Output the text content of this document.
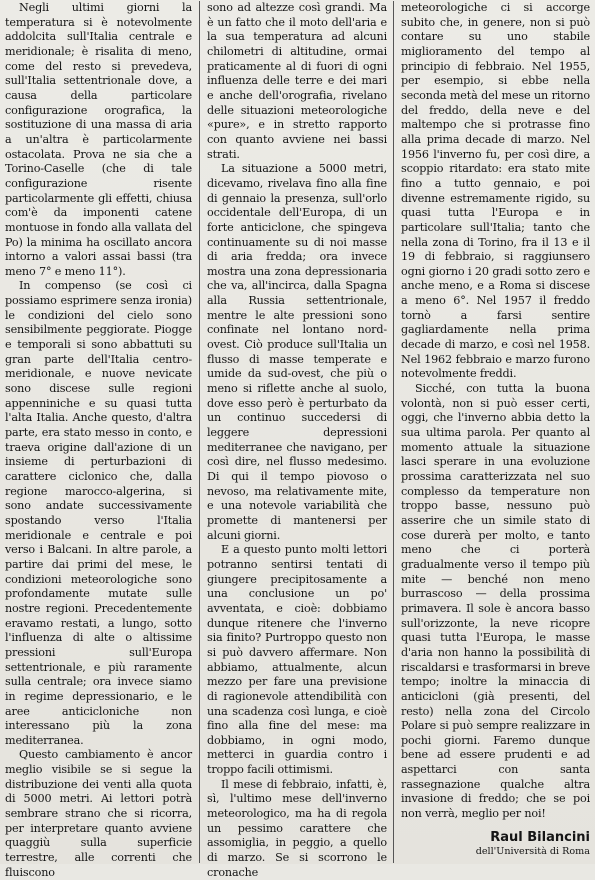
Negli ultimi giorni la temperatura si è notevolmente addolcita sull'Italia centrale e meridionale; è risalita di meno, come del resto si prevedeva, sull'Italia settentrionale dove, a causa della particolare configurazione orografica, la sostituzione di una massa di aria a un'altra è particolarmente ostacolata. Prova ne sia che a Torino-Caselle (che di tale configurazione risente particolarmente gli effetti, chiusa com'è da imponenti catene montuose in fondo alla vallata del Po) la minima ha oscillato ancora intorno a valori assai bassi (tra meno 7° e meno 11°).

In compenso (se così ci possiamo esprimere senza ironia) le condizioni del cielo sono sensibilmente peggiorate. Piogge e temporali si sono abbattuti su gran parte dell'Italia centro-meridionale, e nuove nevicate sono discese sulle regioni appenniniche e su quasi tutta l'alta Italia. Anche questo, d'altra parte, era stato messo in conto, e traeva origine dall'azione di un insieme di perturbazioni di carattere ciclonico che, dalla regione marocco-algerina, si sono andate successivamente spostando verso l'Italia meridionale e centrale e poi verso i Balcani. In altre parole, a partire dai primi del mese, le condizioni meteorologiche sono profondamente mutate sulle nostre regioni. Precedentemente eravamo restati, a lungo, sotto l'influenza di alte o altissime pressioni sull'Europa settentrionale, e più raramente sulla centrale; ora invece siamo in regime depressionario, e le aree anticicloniche non interessano più la zona mediterranea.

Questo cambiamento è ancor meglio visibile se si segue la distribuzione dei venti alla quota di 5000 metri. Ai lettori potrà sembrare strano che si ricorra, per interpretare quanto avviene quaggiù sulla superficie terrestre, alle correnti che fluiscono

sono ad altezze così grandi. Ma è un fatto che il moto dell'aria e la sua temperatura ad alcuni chilometri di altitudine, ormai praticamente al di fuori di ogni influenza delle terre e dei mari e anche dell'orografia, rivelano delle situazioni meteorologiche «pure», e in stretto rapporto con quanto avviene nei bassi strati.

La situazione a 5000 metri, dicevamo, rivelava fino alla fine di gennaio la presenza, sull'orlo occidentale dell'Europa, di un forte anticiclone, che spingeva continuamente su di noi masse di aria fredda; ora invece mostra una zona depressionaria che va, all'incirca, dalla Spagna alla Russia settentrionale, mentre le alte pressioni sono confinate nel lontano nord-ovest. Ciò produce sull'Italia un flusso di masse temperate e umide da sud-ovest, che più o meno si riflette anche al suolo, dove esso però è perturbato da un continuo succedersi di leggere depressioni mediterranee che navigano, per così dire, nel flusso medesimo. Di qui il tempo piovoso o nevoso, ma relativamente mite, e una notevole variabilità che promette di mantenersi per alcuni giorni.

E a questo punto molti lettori potranno sentirsi tentati di giungere precipitosamente a una conclusione un po' avventata, e cioè: dobbiamo dunque ritenere che l'inverno sia finito? Purtroppo questo non si può davvero affermare. Non abbiamo, attualmente, alcun mezzo per fare una previsione di ragionevole attendibilità con una scadenza così lunga, e cioè fino alla fine del mese: ma dobbiamo, in ogni modo, metterci in guardia contro i troppo facili ottimismi.

Il mese di febbraio, infatti, è, sì, l'ultimo mese dell'inverno meteorologico, ma ha di regola un pessimo carattere che assomiglia, in peggio, a quello di marzo. Se si scorrono le cronache

meteorologiche ci si accorge subito che, in genere, non si può contare su uno stabile miglioramento del tempo al principio di febbraio. Nel 1955, per esempio, si ebbe nella seconda metà del mese un ritorno del freddo, della neve e del maltempo che si protrasse fino alla prima decade di marzo. Nel 1956 l'inverno fu, per così dire, a scoppio ritardato: era stato mite fino a tutto gennaio, e poi divenne estremamente rigido, su quasi tutta l'Europa e in particolare sull'Italia; tanto che nella zona di Torino, fra il 13 e il 19 di febbraio, si raggiunsero ogni giorno i 20 gradi sotto zero e anche meno, e a Roma si discese a meno 6°. Nel 1957 il freddo tornò a farsi sentire gagliardamente nella prima decade di marzo, e così nel 1958. Nel 1962 febbraio e marzo furono notevolmente freddi.

Sicché, con tutta la buona volontà, non si può esser certi, oggi, che l'inverno abbia detto la sua ultima parola. Per quanto al momento attuale la situazione lasci sperare in una evoluzione prossima caratterizzata nel suo complesso da temperature non troppo basse, nessuno può asserire che un simile stato di cose durerà per molto, e tanto meno che ci porterà gradualmente verso il tempo più mite — benché non meno burrascoso — della prossima primavera. Il sole è ancora basso sull'orizzonte, la neve ricopre quasi tutta l'Europa, le masse d'aria non hanno la possibilità di riscaldarsi e trasformarsi in breve tempo; inoltre la minaccia di anticicloni (già presenti, del resto) nella zona del Circolo Polare si può sempre realizzare in pochi giorni. Faremo dunque bene ad essere prudenti e ad aspettarci con santa rassegnazione qualche altra invasione di freddo; che se poi non verrà, meglio per noi!

Raul Bilancini
dell'Università di Roma
